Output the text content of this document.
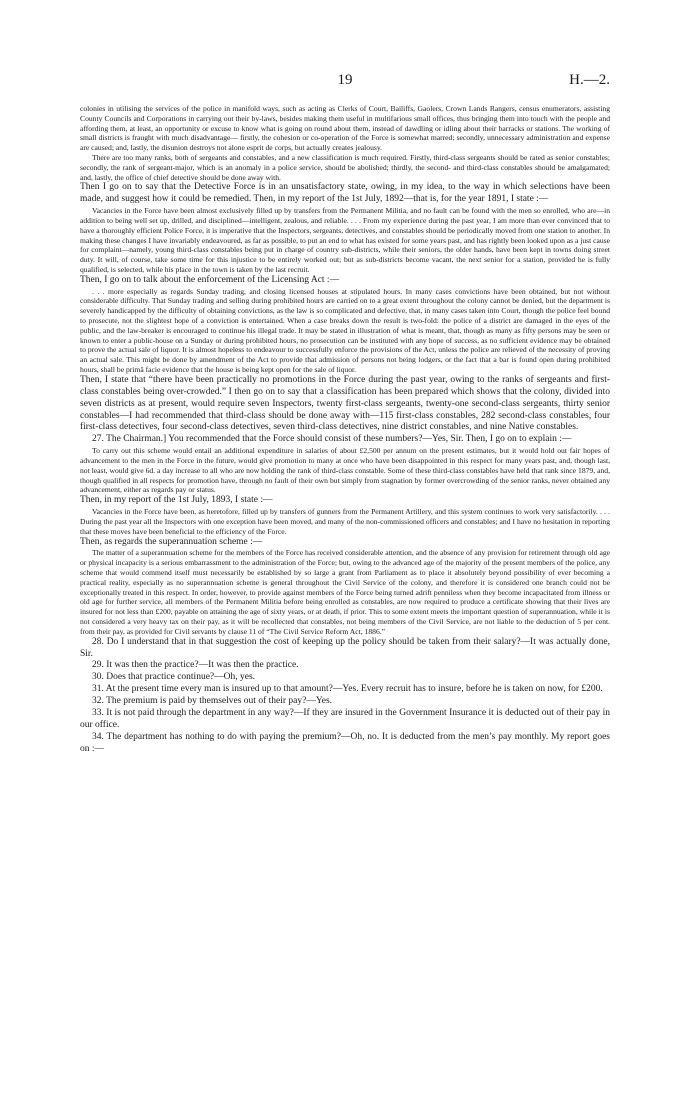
19	H.—2.

colonies in utilising the services of the police in manifold ways, such as acting as Clerks of Court, Bailiffs, Gaolers, Crown Lands Rangers, census enumerators, assisting County Councils and Corporations in carrying out their by-laws, besides making them useful in multifarious small offices, thus bringing them into touch with the people and affording them, at least, an opportunity or excuse to know what is going on round about them, instead of dawdling or idling about their barracks or stations. The working of small districts is fraught with much disadvantage— firstly, the cohesion or co-operation of the Force is somewhat marred; secondly, unnecessary administration and expense are caused; and, lastly, the disunion destroys not alone esprit de corps, but actually creates jealousy.

There are too many ranks, both of sergeants and constables, and a new classification is much required. Firstly, third-class sergeants should be rated as senior constables; secondly, the rank of sergeant-major, which is an anomaly in a police service, should be abolished; thirdly, the second- and third-class constables should be amalgamated; and, lastly, the office of chief detective should be done away with.

Then I go on to say that the Detective Force is in an unsatisfactory state, owing, in my idea, to the way in which selections have been made, and suggest how it could be remedied. Then, in my report of the 1st July, 1892—that is, for the year 1891, I state :—

Vacancies in the Force have been almost exclusively filled up by transfers from the Permanent Militia, and no fault can be found with the men so enrolled, who are—in addition to being well set up, drilled, and disciplined—intelligent, zealous, and reliable. . . . From my experience during the past year, I am more than ever convinced that to have a thoroughly efficient Police Force, it is imperative that the Inspectors, sergeants, detectives, and constables should be periodically moved from one station to another. In making these changes I have invariably endeavoured, as far as possible, to put an end to what has existed for some years past, and has rightly been looked upon as a just cause for complaint—namely, young third-class constables being put in charge of country sub-districts, while their seniors, the older hands, have been kept in towns doing street duty. It will, of course, take some time for this injustice to be entirely worked out; but as sub-districts become vacant, the next senior for a station, provided he is fully qualified, is selected, while his place in the town is taken by the last recruit.

Then, I go on to talk about the enforcement of the Licensing Act :—

. . . more especially as regards Sunday trading, and closing licensed houses at stipulated hours. In many cases convictions have been obtained, but not without considerable difficulty. That Sunday trading and selling during prohibited hours are carried on to a great extent throughout the colony cannot be denied, but the department is severely handicapped by the difficulty of obtaining convictions, as the law is so complicated and defective, that, in many cases taken into Court, though the police feel bound to prosecute, not the slightest hope of a conviction is entertained. When a case breaks down the result is two-fold: the police of a district are damaged in the eyes of the public, and the law-breaker is encouraged to continue his illegal trade. It may be stated in illustration of what is meant, that, though as many as fifty persons may be seen or known to enter a public-house on a Sunday or during prohibited hours, no prosecution can be instituted with any hope of success, as no sufficient evidence may be obtained to prove the actual sale of liquor. It is almost hopeless to endeavour to successfully enforce the provisions of the Act, unless the police are relieved of the necessity of proving an actual sale. This might be done by amendment of the Act to provide that admission of persons not being lodgers, or the fact that a bar is found open during prohibited hours, shall be primâ facie evidence that the house is being kept open for the sale of liquor.

Then, I state that “there have been practically no promotions in the Force during the past year, owing to the ranks of sergeants and first-class constables being over-crowded.” I then go on to say that a classification has been prepared which shows that the colony, divided into seven districts as at present, would require seven Inspectors, twenty first-class sergeants, twenty-one second-class sergeants, thirty senior constables—I had recommended that third-class should be done away with—115 first-class constables, 282 second-class constables, four first-class detectives, four second-class detectives, seven third-class detectives, nine district constables, and nine Native constables.

27. The Chairman.] You recommended that the Force should consist of these numbers?—Yes, Sir. Then, I go on to explain :—

To carry out this scheme would entail an additional expenditure in salaries of about £2,500 per annum on the present estimates, but it would hold out fair hopes of advancement to the men in the Force in the future, would give promotion to many at once who have been disappointed in this respect for many years past, and, though last, not least, would give 6d. a day increase to all who are now holding the rank of third-class constable. Some of these third-class constables have held that rank since 1879, and, though qualified in all respects for promotion have, through no fault of their own but simply from stagnation by former overcrowding of the senior ranks, never obtained any advancement, either as regards pay or status.

Then, in my report of the 1st July, 1893, I state :—

Vacancies in the Force have been, as heretofore, filled up by transfers of gunners from the Permanent Artillery, and this system continues to work very satisfactorily. . . . During the past year all the Inspectors with one exception have been moved, and many of the non-commissioned officers and constables; and I have no hesitation in reporting that these moves have been beneficial to the efficiency of the Force.

Then, as regards the superannuation scheme :—

The matter of a superannuation scheme for the members of the Force has received considerable attention, and the absence of any provision for retirement through old age or physical incapacity is a serious embarrassment to the administration of the Force; but, owing to the advanced age of the majority of the present members of the police, any scheme that would commend itself must necessarily be established by so large a grant from Parliament as to place it absolutely beyond possibility of ever becoming a practical reality, especially as no superannuation scheme is general throughout the Civil Service of the colony, and therefore it is considered one branch could not be exceptionally treated in this respect. In order, however, to provide against members of the Force being turned adrift penniless when they become incapacitated from illness or old age for further service, all members of the Permanent Militia before being enrolled as constables, are now required to produce a certificate showing that their lives are insured for not less than £200, payable on attaining the age of sixty years, or at death, if prior. This to some extent meets the important question of superannuation, while it is not considered a very heavy tax on their pay, as it will be recollected that constables, not being members of the Civil Service, are not liable to the deduction of 5 per cent. from their pay, as provided for Civil servants by clause 11 of “The Civil Service Reform Act, 1886.”

28. Do I understand that in that suggestion the cost of keeping up the policy should be taken from their salary?—It was actually done, Sir.

29. It was then the practice?—It was then the practice.

30. Does that practice continue?—Oh, yes.

31. At the present time every man is insured up to that amount?—Yes. Every recruit has to insure, before he is taken on now, for £200.

32. The premium is paid by themselves out of their pay?—Yes.

33. It is not paid through the department in any way?—If they are insured in the Government Insurance it is deducted out of their pay in our office.

34. The department has nothing to do with paying the premium?—Oh, no. It is deducted from the men’s pay monthly. My report goes on :—
